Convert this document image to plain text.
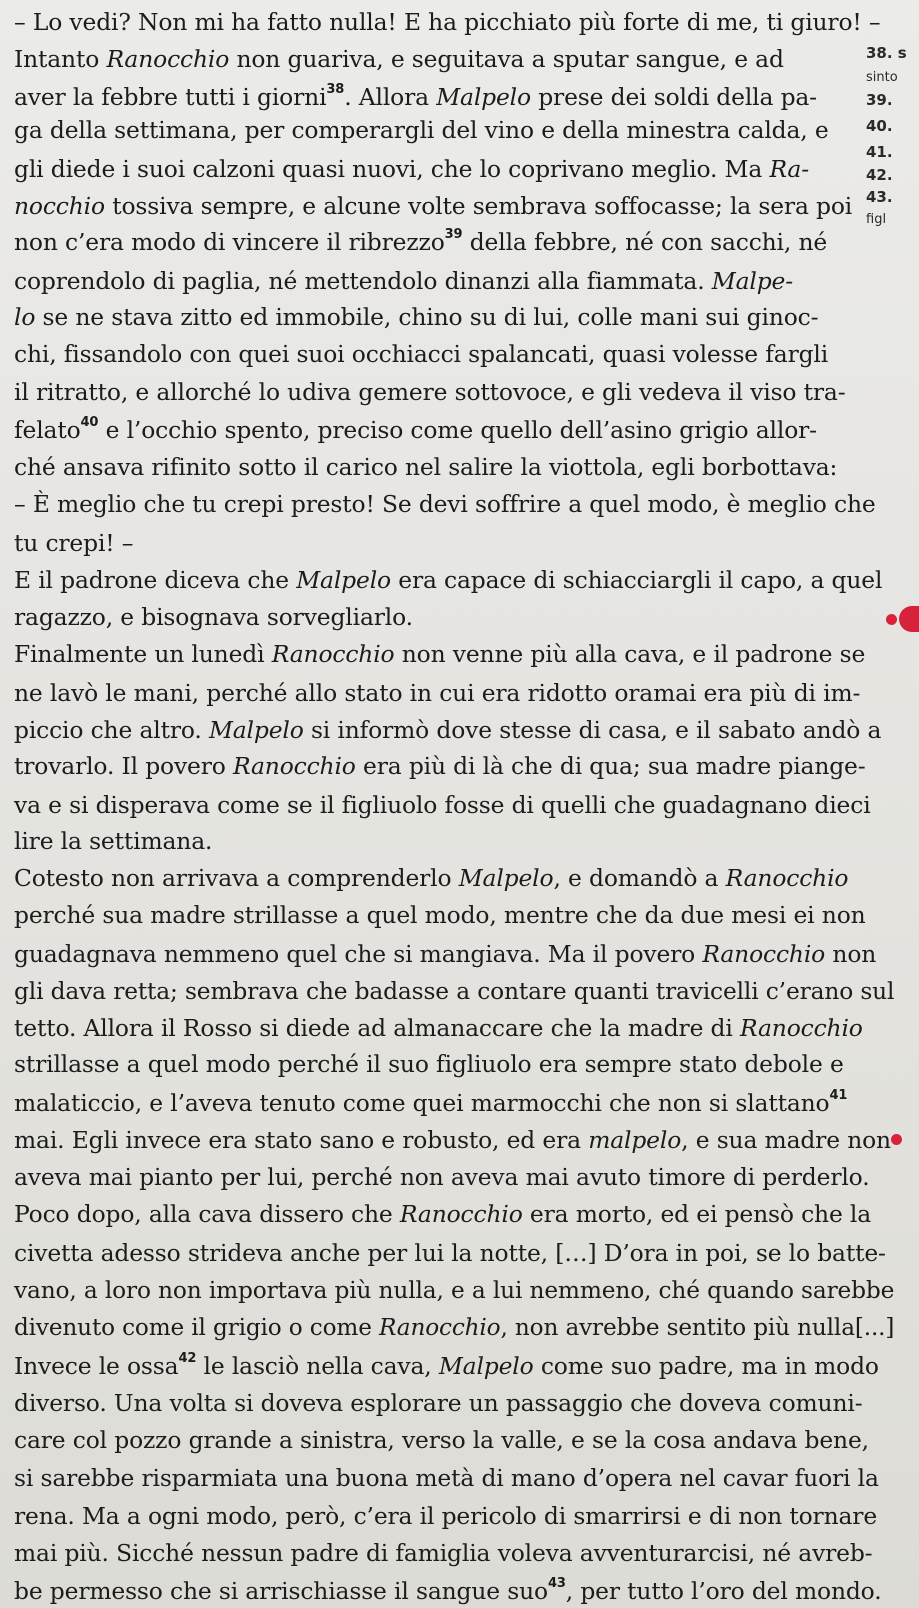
– Lo vedi? Non mi ha fatto nulla! E ha picchiato più forte di me, ti giuro! –
Intanto Ranocchio non guariva, e seguitava a sputar sangue, e ad
aver la febbre tutti i giorni$^{38}$. Allora Malpelo prese dei soldi della pa-
ga della settimana, per comperargli del vino e della minestra calda, e
gli diede i suoi calzoni quasi nuovi, che lo coprivano meglio. Ma Ra-
nocchio tossiva sempre, e alcune volte sembrava soffocasse; la sera poi
non c’era modo di vincere il ribrezzo$^{39}$ della febbre, né con sacchi, né
coprendolo di paglia, né mettendolo dinanzi alla fiammata. Malpe-
lo se ne stava zitto ed immobile, chino su di lui, colle mani sui ginoc-
chi, fissandolo con quei suoi occhiacci spalancati, quasi volesse fargli
il ritratto, e allorché lo udiva gemere sottovoce, e gli vedeva il viso tra-
felato$^{40}$ e l’occhio spento, preciso come quello dell’asino grigio allor-
ché ansava rifinito sotto il carico nel salire la viottola, egli borbottava:
– È meglio che tu crepi presto! Se devi soffrire a quel modo, è meglio che
tu crepi! –
E il padrone diceva che Malpelo era capace di schiacciargli il capo, a quel
ragazzo, e bisognava sorvegliarlo.
Finalmente un lunedì Ranocchio non venne più alla cava, e il padrone se
ne lavò le mani, perché allo stato in cui era ridotto oramai era più di im-
piccio che altro. Malpelo si informò dove stesse di casa, e il sabato andò a
trovarlo. Il povero Ranocchio era più di là che di qua; sua madre piange-
va e si disperava come se il figliuolo fosse di quelli che guadagnano dieci
lire la settimana.
Cotesto non arrivava a comprenderlo Malpelo, e domandò a Ranocchio
perché sua madre strillasse a quel modo, mentre che da due mesi ei non
guadagnava nemmeno quel che si mangiava. Ma il povero Ranocchio non
gli dava retta; sembrava che badasse a contare quanti travicelli c’erano sul
tetto. Allora il Rosso si diede ad almanaccare che la madre di Ranocchio
strillasse a quel modo perché il suo figliuolo era sempre stato debole e
malaticcio, e l’aveva tenuto come quei marmocchi che non si slattano$^{41}$
mai. Egli invece era stato sano e robusto, ed era malpelo, e sua madre non
aveva mai pianto per lui, perché non aveva mai avuto timore di perderlo.
Poco dopo, alla cava dissero che Ranocchio era morto, ed ei pensò che la
civetta adesso strideva anche per lui la notte, […] D’ora in poi, se lo batte-
vano, a loro non importava più nulla, e a lui nemmeno, ché quando sarebbe
divenuto come il grigio o come Ranocchio, non avrebbe sentito più nulla[...]
Invece le ossa$^{42}$ le lasciò nella cava, Malpelo come suo padre, ma in modo
diverso. Una volta si doveva esplorare un passaggio che doveva comuni-
care col pozzo grande a sinistra, verso la valle, e se la cosa andava bene,
si sarebbe risparmiata una buona metà di mano d’opera nel cavar fuori la
rena. Ma a ogni modo, però, c’era il pericolo di smarrirsi e di non tornare
mai più. Sicché nessun padre di famiglia voleva avventurarcisi, né avreb-
be permesso che si arrischiasse il sangue suo$^{43}$, per tutto l’oro del mondo.
38. s
sinto
39.
40.
41.
42.
43.
figl
